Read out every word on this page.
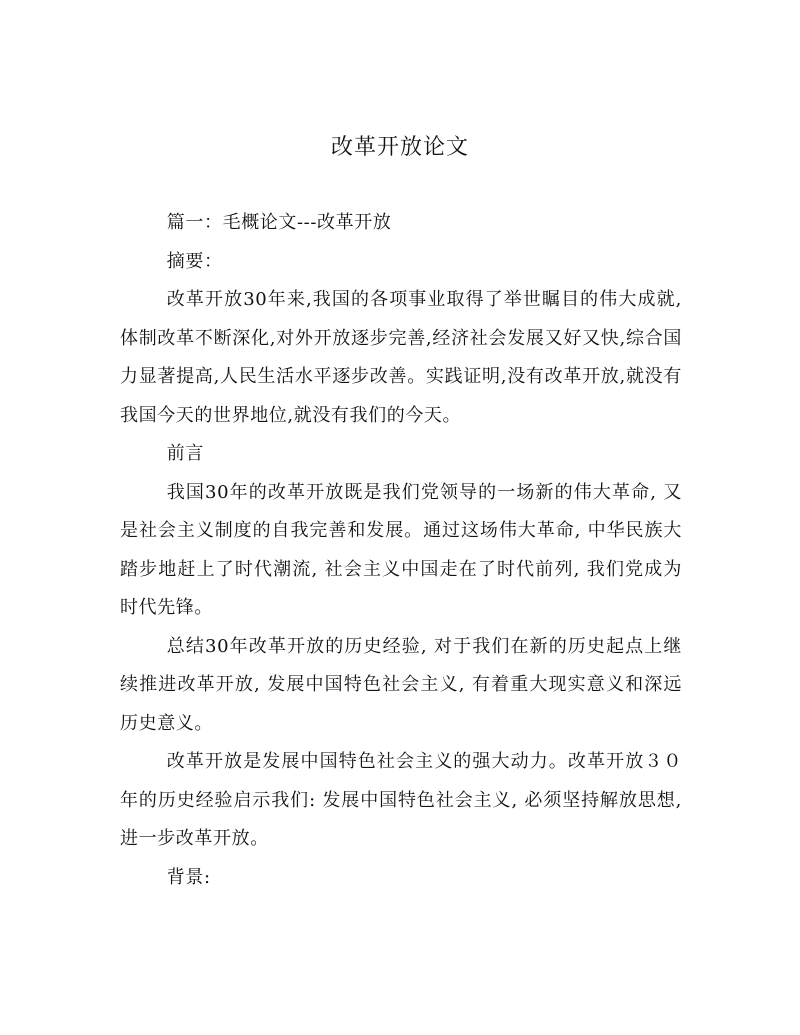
改革开放论文

篇一：毛概论文---改革开放

摘要：

改革开放30年来,我国的各项事业取得了举世瞩目的伟大成就,体制改革不断深化,对外开放逐步完善,经济社会发展又好又快,综合国力显著提高,人民生活水平逐步改善。实践证明,没有改革开放,就没有我国今天的世界地位,就没有我们的今天。

前言

我国30年的改革开放既是我们党领导的一场新的伟大革命, 又是社会主义制度的自我完善和发展。通过这场伟大革命, 中华民族大踏步地赶上了时代潮流, 社会主义中国走在了时代前列, 我们党成为时代先锋。

总结30年改革开放的历史经验, 对于我们在新的历史起点上继续推进改革开放, 发展中国特色社会主义, 有着重大现实意义和深远历史意义。

改革开放是发展中国特色社会主义的强大动力。改革开放３０年的历史经验启示我们: 发展中国特色社会主义, 必须坚持解放思想, 进一步改革开放。

背景:
